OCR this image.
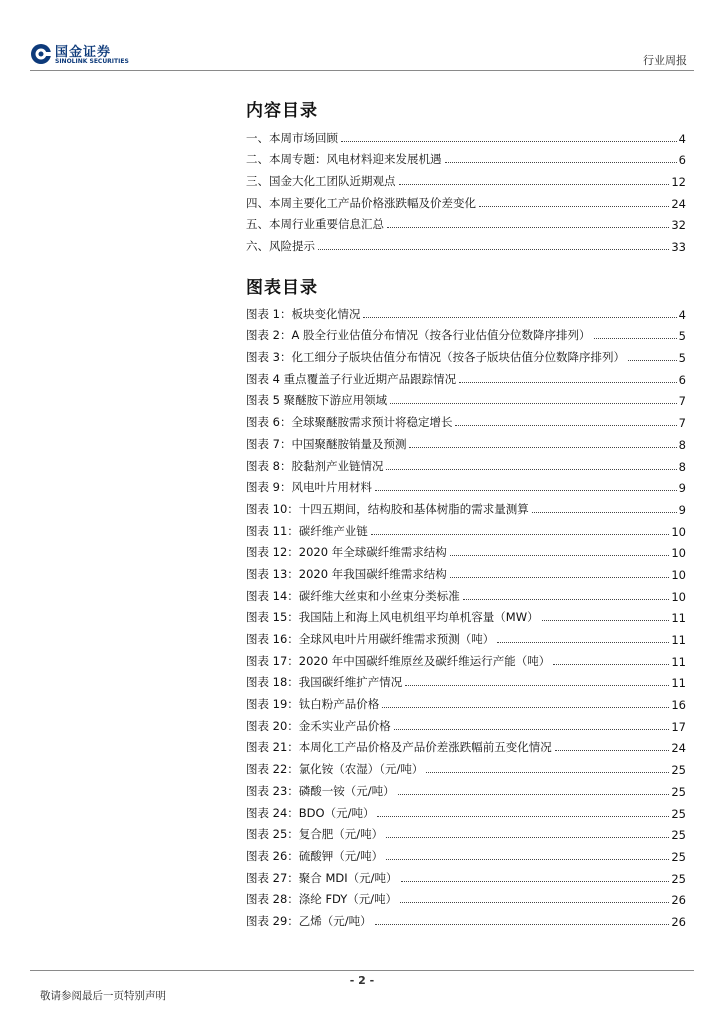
国金证券
SINOLINK SECURITIES	行业周报
内容目录
一、本周市场回顾	4
二、本周专题：风电材料迎来发展机遇	6
三、国金大化工团队近期观点	12
四、本周主要化工产品价格涨跌幅及价差变化	24
五、本周行业重要信息汇总	32
六、风险提示	33
图表目录
图表 1：板块变化情况	4
图表 2：A 股全行业估值分布情况（按各行业估值分位数降序排列）	5
图表 3：化工细分子版块估值分布情况（按各子版块估值分位数降序排列）	5
图表 4 重点覆盖子行业近期产品跟踪情况	6
图表 5 聚醚胺下游应用领域	7
图表 6：全球聚醚胺需求预计将稳定增长	7
图表 7：中国聚醚胺销量及预测	8
图表 8：胶黏剂产业链情况	8
图表 9：风电叶片用材料	9
图表 10：十四五期间，结构胶和基体树脂的需求量测算	9
图表 11：碳纤维产业链	10
图表 12：2020 年全球碳纤维需求结构	10
图表 13：2020 年我国碳纤维需求结构	10
图表 14：碳纤维大丝束和小丝束分类标准	10
图表 15：我国陆上和海上风电机组平均单机容量（MW）	11
图表 16：全球风电叶片用碳纤维需求预测（吨）	11
图表 17：2020 年中国碳纤维原丝及碳纤维运行产能（吨）	11
图表 18：我国碳纤维扩产情况	11
图表 19：钛白粉产品价格	16
图表 20：金禾实业产品价格	17
图表 21：本周化工产品价格及产品价差涨跌幅前五变化情况	24
图表 22：氯化铵（农湿）（元/吨）	25
图表 23：磷酸一铵（元/吨）	25
图表 24：BDO（元/吨）	25
图表 25：复合肥（元/吨）	25
图表 26：硫酸钾（元/吨）	25
图表 27：聚合 MDI（元/吨）	25
图表 28：涤纶 FDY（元/吨）	26
图表 29：乙烯（元/吨）	26
- 2 -
敬请参阅最后一页特别声明
